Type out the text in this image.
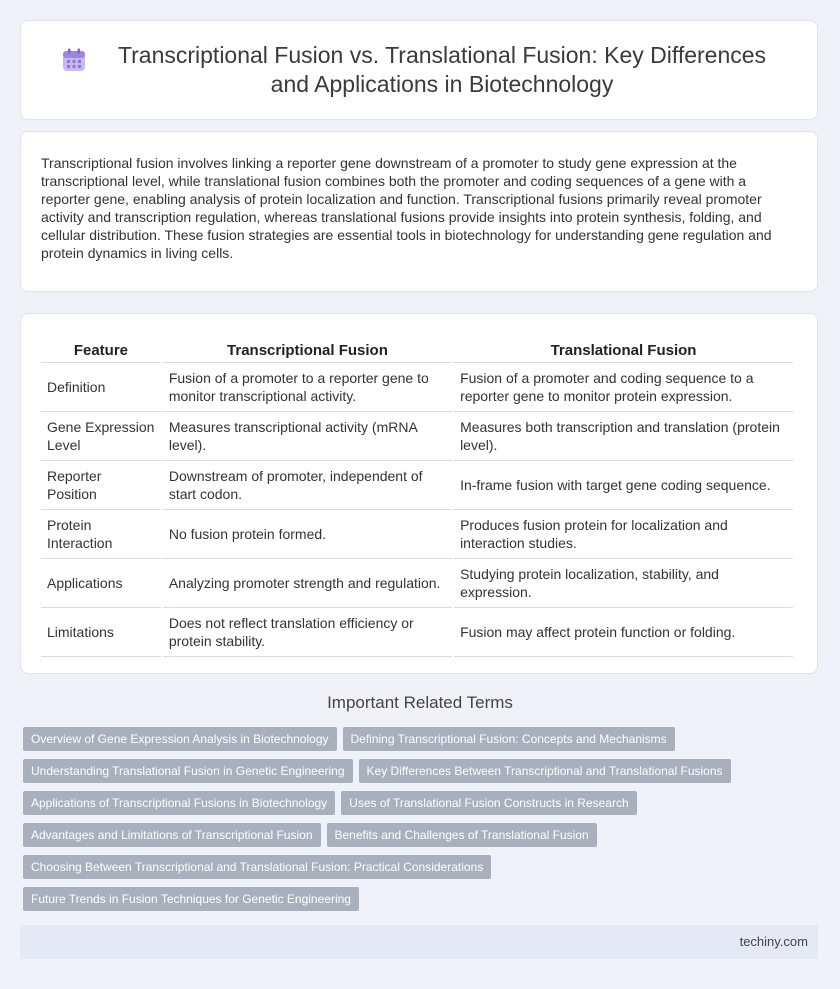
Transcriptional Fusion vs. Translational Fusion: Key Differences and Applications in Biotechnology

Transcriptional fusion involves linking a reporter gene downstream of a promoter to study gene expression at the transcriptional level, while translational fusion combines both the promoter and coding sequences of a gene with a reporter gene, enabling analysis of protein localization and function. Transcriptional fusions primarily reveal promoter activity and transcription regulation, whereas translational fusions provide insights into protein synthesis, folding, and cellular distribution. These fusion strategies are essential tools in biotechnology for understanding gene regulation and protein dynamics in living cells.

Feature	Transcriptional Fusion	Translational Fusion
Definition	Fusion of a promoter to a reporter gene to monitor transcriptional activity.	Fusion of a promoter and coding sequence to a reporter gene to monitor protein expression.
Gene Expression Level	Measures transcriptional activity (mRNA level).	Measures both transcription and translation (protein level).
Reporter Position	Downstream of promoter, independent of start codon.	In-frame fusion with target gene coding sequence.
Protein Interaction	No fusion protein formed.	Produces fusion protein for localization and interaction studies.
Applications	Analyzing promoter strength and regulation.	Studying protein localization, stability, and expression.
Limitations	Does not reflect translation efficiency or protein stability.	Fusion may affect protein function or folding.
Important Related Terms
Overview of Gene Expression Analysis in Biotechnology Defining Transcriptional Fusion: Concepts and Mechanisms
Understanding Translational Fusion in Genetic Engineering Key Differences Between Transcriptional and Translational Fusions
Applications of Transcriptional Fusions in Biotechnology Uses of Translational Fusion Constructs in Research
Advantages and Limitations of Transcriptional Fusion Benefits and Challenges of Translational Fusion
Choosing Between Transcriptional and Translational Fusion: Practical Considerations
Future Trends in Fusion Techniques for Genetic Engineering
techiny.com
